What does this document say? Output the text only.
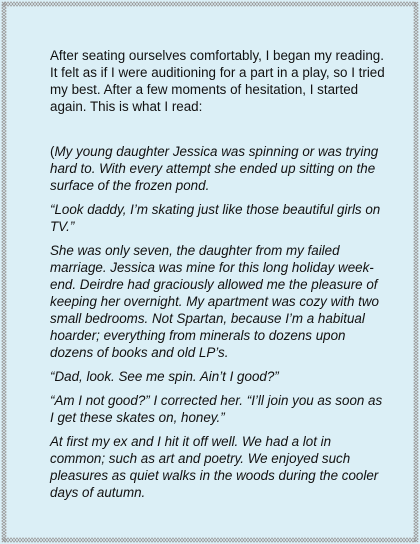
After seating ourselves comfortably, I began my reading. It felt as if I were auditioning for a part in a play, so I tried my best. After a few moments of hesitation, I started again. This is what I read:

(My young daughter Jessica was spinning or was trying hard to. With every attempt she ended up sitting on the surface of the frozen pond.

“Look daddy, I’m skating just like those beautiful girls on TV.”

She was only seven, the daughter from my failed marriage. Jessica was mine for this long holiday week-end. Deirdre had graciously allowed me the pleasure of keeping her overnight. My apartment was cozy with two small bedrooms. Not Spartan, because I’m a habitual hoarder; everything from minerals to dozens upon dozens of books and old LP’s.

“Dad, look. See me spin. Ain’t I good?”

“Am I not good?” I corrected her. “I’ll join you as soon as I get these skates on, honey.”

At first my ex and I hit it off well. We had a lot in common; such as art and poetry. We enjoyed such pleasures as quiet walks in the woods during the cooler days of autumn.
